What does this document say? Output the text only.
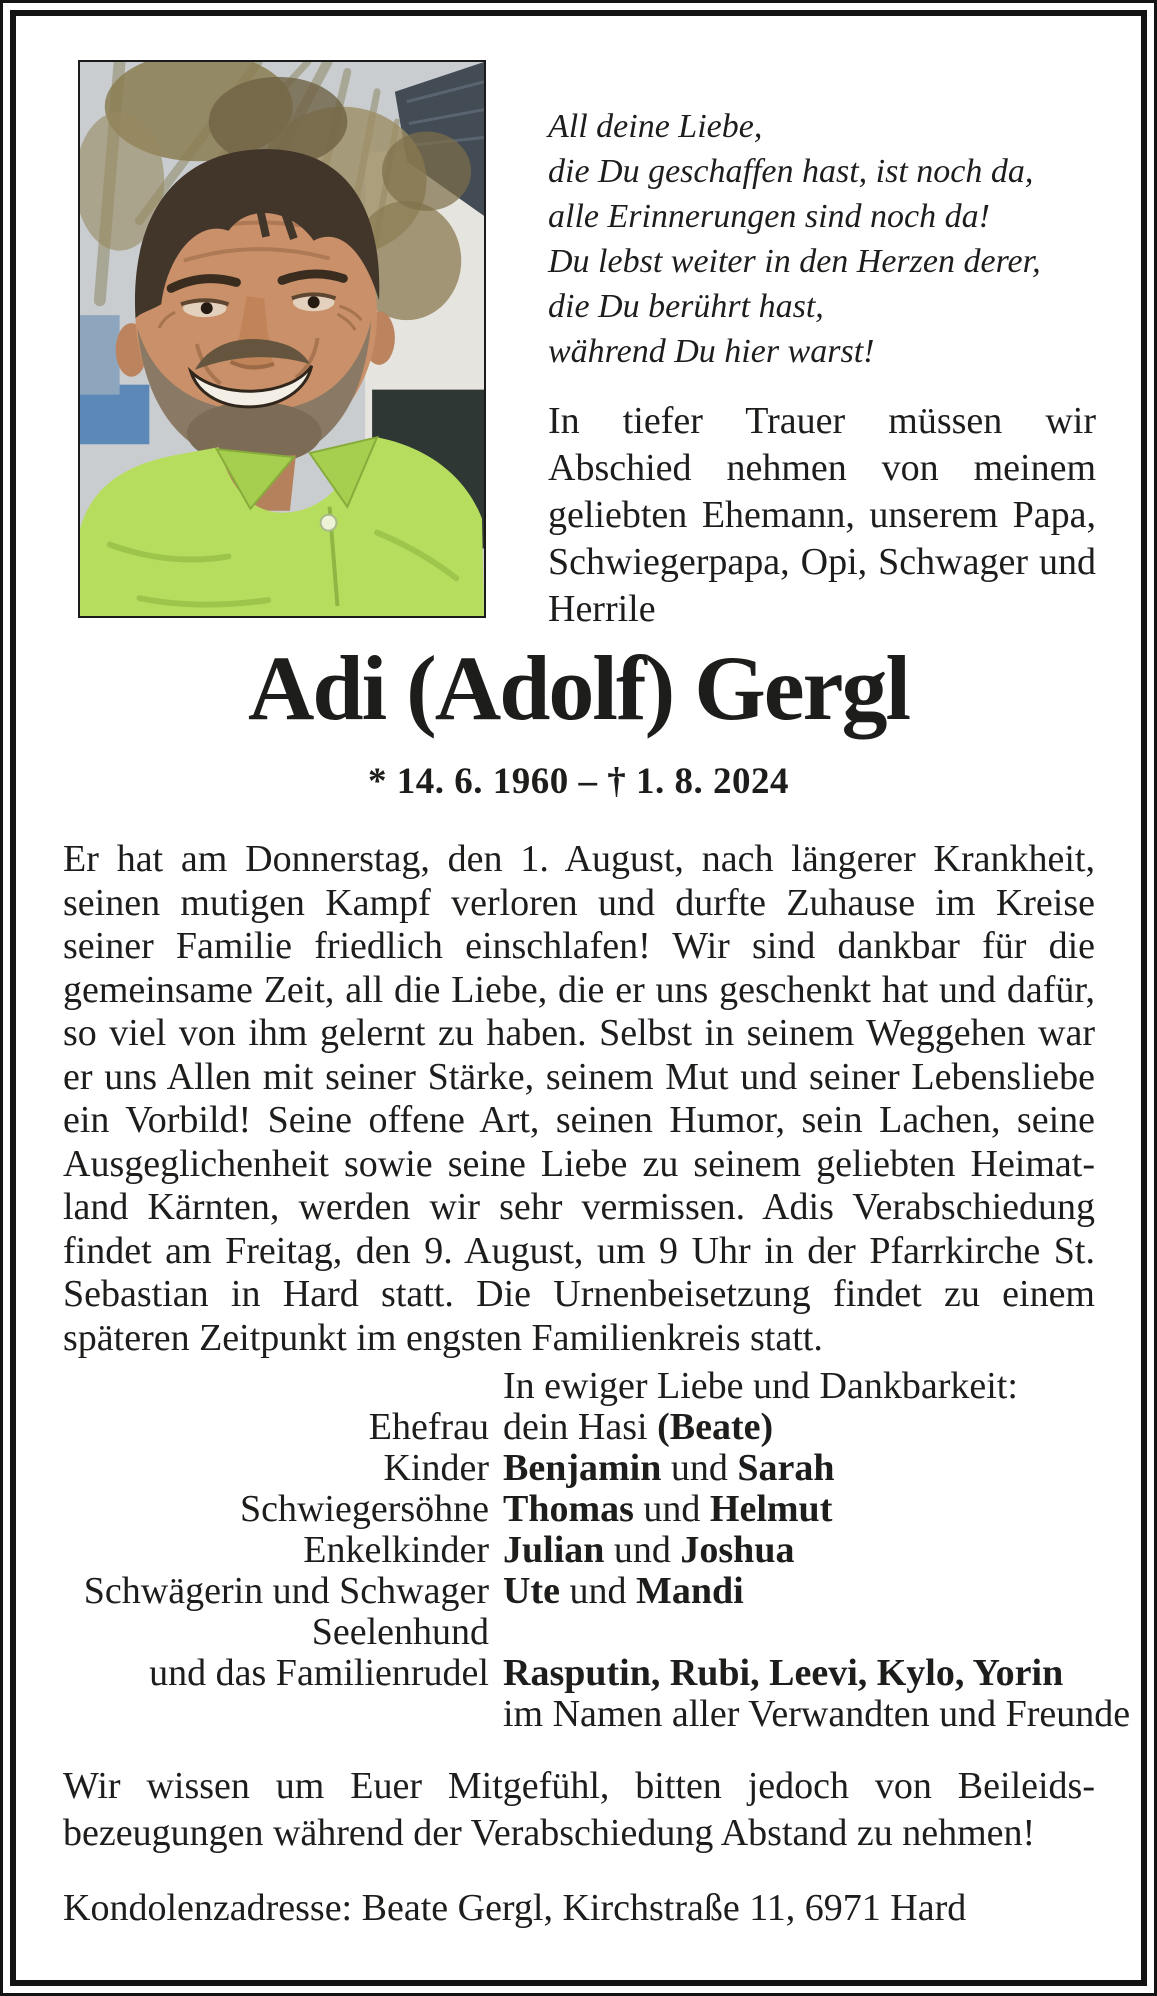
All deine Liebe,
die Du geschaffen hast, ist noch da,
alle Erinnerungen sind noch da!
Du lebst weiter in den Herzen derer,
die Du berührt hast,
während Du hier warst!
In tiefer Trauer müssen wir Abschied nehmen von meinem geliebten Ehemann, unserem Papa, Schwiegerpapa, Opi, Schwager und Herrile
Adi (Adolf) Gergl
* 14. 6. 1960 – † 1. 8. 2024
Er hat am Donnerstag, den 1. August, nach längerer Krankheit, seinen mutigen Kampf verloren und durfte Zuhause im Kreise seiner Familie friedlich einschlafen! Wir sind dankbar für die gemeinsame Zeit, all die Liebe, die er uns geschenkt hat und dafür, so viel von ihm gelernt zu haben. Selbst in seinem Weggehen war er uns Allen mit seiner Stärke, seinem Mut und seiner Lebensliebe ein Vorbild! Seine offene Art, seinen Humor, sein Lachen, seine Ausgeglichenheit sowie seine Liebe zu seinem geliebten Heimatland Kärnten, werden wir sehr vermissen. Adis Verabschiedung findet am Freitag, den 9. August, um 9 Uhr in der Pfarrkirche St. Sebastian in Hard statt. Die Urnenbeisetzung findet zu einem späteren Zeitpunkt im engsten Familienkreis statt.
In ewiger Liebe und Dankbarkeit:
Ehefrau dein Hasi (Beate)
Kinder Benjamin und Sarah
Schwiegersöhne Thomas und Helmut
Enkelkinder Julian und Joshua
Schwägerin und Schwager Ute und Mandi
Seelenhund
und das Familienrudel Rasputin, Rubi, Leevi, Kylo, Yorin
im Namen aller Verwandten und Freunde
Wir wissen um Euer Mitgefühl, bitten jedoch von Beileidsbezeugungen während der Verabschiedung Abstand zu nehmen!
Kondolenzadresse: Beate Gergl, Kirchstraße 11, 6971 Hard
